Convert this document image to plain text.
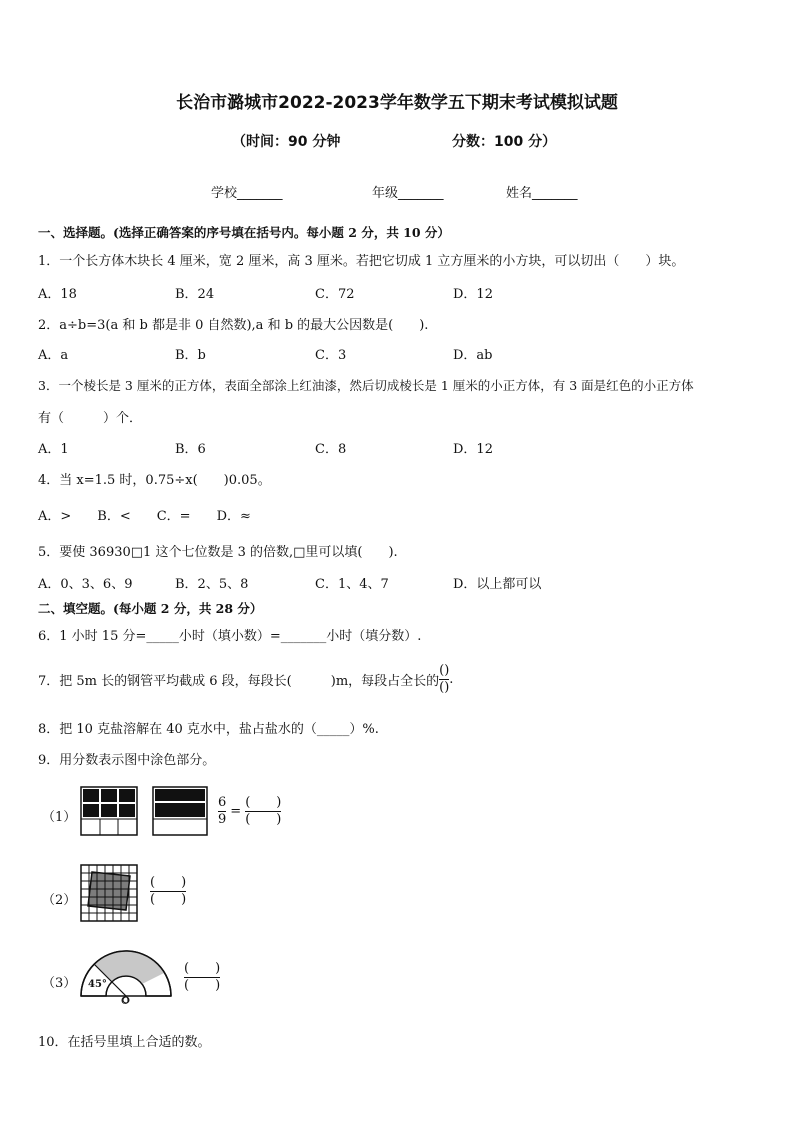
长治市潞城市2022-2023学年数学五下期末考试模拟试题
（时间：90 分钟	分数：100 分）
学校_______	年级_______	姓名_______
一、选择题。(选择正确答案的序号填在括号内。每小题 2 分，共 10 分）
1．一个长方体木块长 4 厘米，宽 2 厘米，高 3 厘米。若把它切成 1 立方厘米的小方块，可以切出（　　）块。
A．18	B．24	C．72	D．12
2．a÷b=3(a 和 b 都是非 0 自然数),a 和 b 的最大公因数是(　　).
A．a	B．b	C．3	D．ab
3．一个棱长是 3 厘米的正方体，表面全部涂上红油漆，然后切成棱长是 1 厘米的小正方体，有 3 面是红色的小正方体
有（　　　）个．
A．1	B．6	C．8	D．12
4．当 x=1.5 时，0.75÷x(　　)0.05。
A．>　　B．<　　C．=　　D．≈
5．要使 36930□1 这个七位数是 3 的倍数,□里可以填(　　).
A．0、3、6、9	B．2、5、8	C．1、4、7	D．以上都可以
二、填空题。(每小题 2 分，共 28 分）
6．1 小时 15 分=_____小时（填小数）=_______小时（填分数）.
7．把 5m 长的钢管平均截成 6 段，每段长(　　　)m，每段占全长的 $\frac{()}{()}$ .
8．把 10 克盐溶解在 40 克水中，盐占盐水的（_____）%.
9．用分数表示图中涂色部分。
（1）	$\frac{6}{9} = \frac{( )}{( )}$
（2）	$\frac{( )}{( )}$
（3） 45°
O
$\frac{( )}{( )}$
10．在括号里填上合适的数。
